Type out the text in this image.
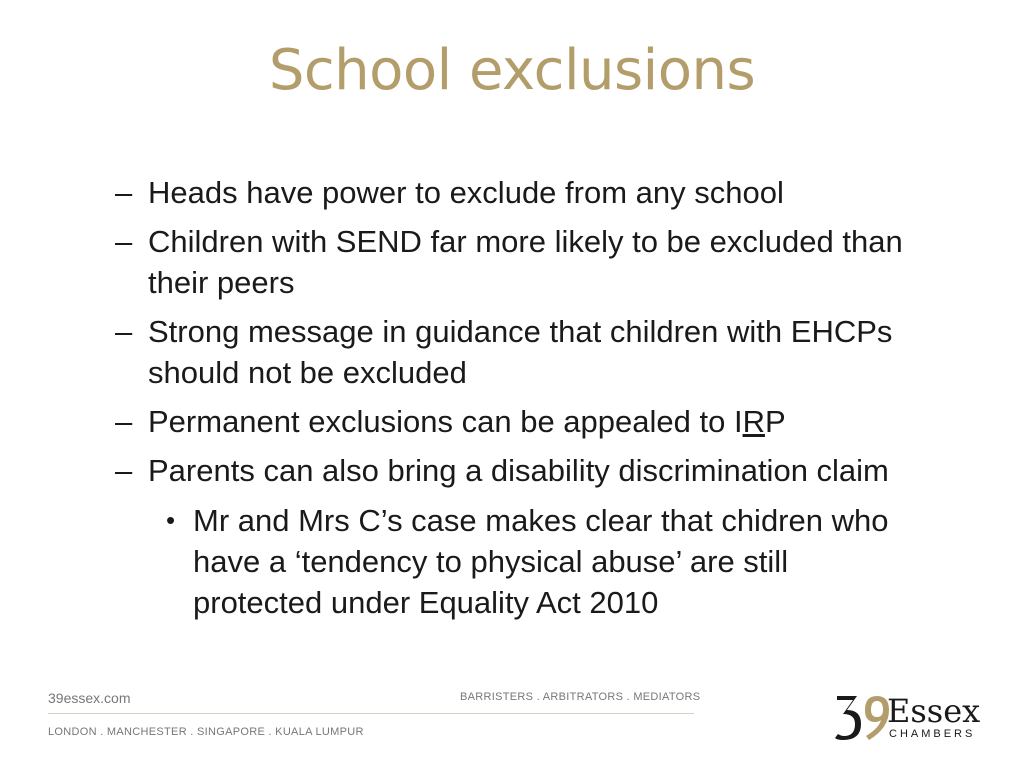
School exclusions
– Heads have power to exclude from any school
– Children with SEND far more likely to be excluded than
their peers
– Strong message in guidance that children with EHCPs
should not be excluded
– Permanent exclusions can be appealed to IRP
– Parents can also bring a disability discrimination claim
• Mr and Mrs C’s case makes clear that chidren who
have a ‘tendency to physical abuse’ are still
protected under Equality Act 2010
39essex.com	BARRISTERS . ARBITRATORS . MEDIATORS
LONDON . MANCHESTER . SINGAPORE . KUALA LUMPUR
Essex
CHAMBERS
